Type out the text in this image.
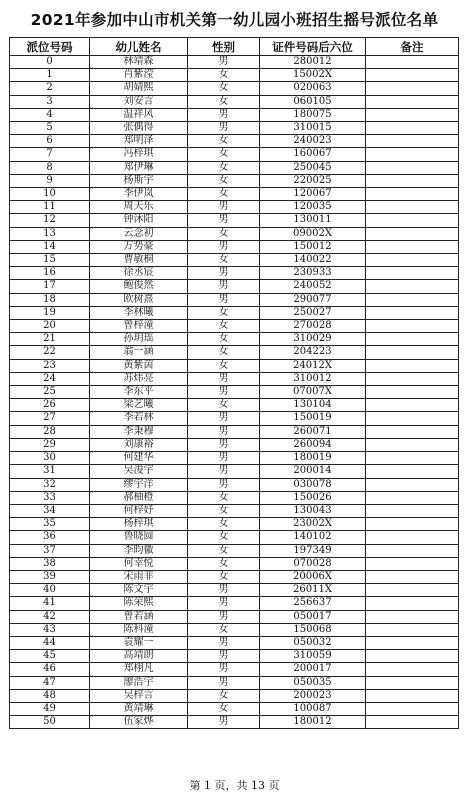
2021年参加中山市机关第一幼儿园小班招生摇号派位名单
派位号码	幼儿姓名	性别	证件号码后六位	备注
0	林靖森	男	280012	
1	肖紫滢	女	15002X	
2	胡婧熙	女	020063	
3	刘安言	女	060105	
4	温祥风	男	180075	
5	张偶得	男	310015	
6	郑明泽	女	240023	
7	冯梓琪	女	160067	
8	郑伊琳	女	250045	
9	杨斯宇	女	220025	
10	李伊岚	女	120067	
11	周天乐	男	120035	
12	钟沐阳	男	130011	
13	云念初	女	09002X	
14	万势豪	男	150012	
15	曹敏桐	女	140022	
16	徐丞宸	男	230933	
17	鲍俊然	男	240052	
18	欧树熹	男	290077	
19	李林曦	女	250027	
20	曾梓潼	女	270028	
21	孙玥瑶	女	310029	
22	翁一涵	女	204223	
23	黄紫茵	女	24012X	
24	苏炜亮	男	310012	
25	李东平	男	07007X	
26	梁艺曦	女	130104	
27	李若林	男	150019	
28	李秉穆	男	260071	
29	刘康裕	男	260094	
30	何建华	男	180019	
31	吴浚宇	男	200014	
32	缪宇洋	男	030078	
33	郝柚橙	女	150026	
34	何梓妤	女	130043	
35	杨梓琪	女	23002X	
36	鲁晓圆	女	140102	
37	李昀徽	女	197349	
38	何幸悦	女	070028	
39	宋雨菲	女	20006X	
40	陈文宇	男	26011X	
41	陈荣熙	男	256637	
42	曾若涵	男	050017	
43	陈科潼	女	150068	
44	袁耀一	男	050032	
45	高靖朗	男	310059	
46	郑栩凡	男	200017	
47	廖浩宇	男	050035	
48	吴梓言	女	200023	
49	黄靖琳	女	100087	
50	伍家烨	男	180012	
第 1 页，共 13 页
